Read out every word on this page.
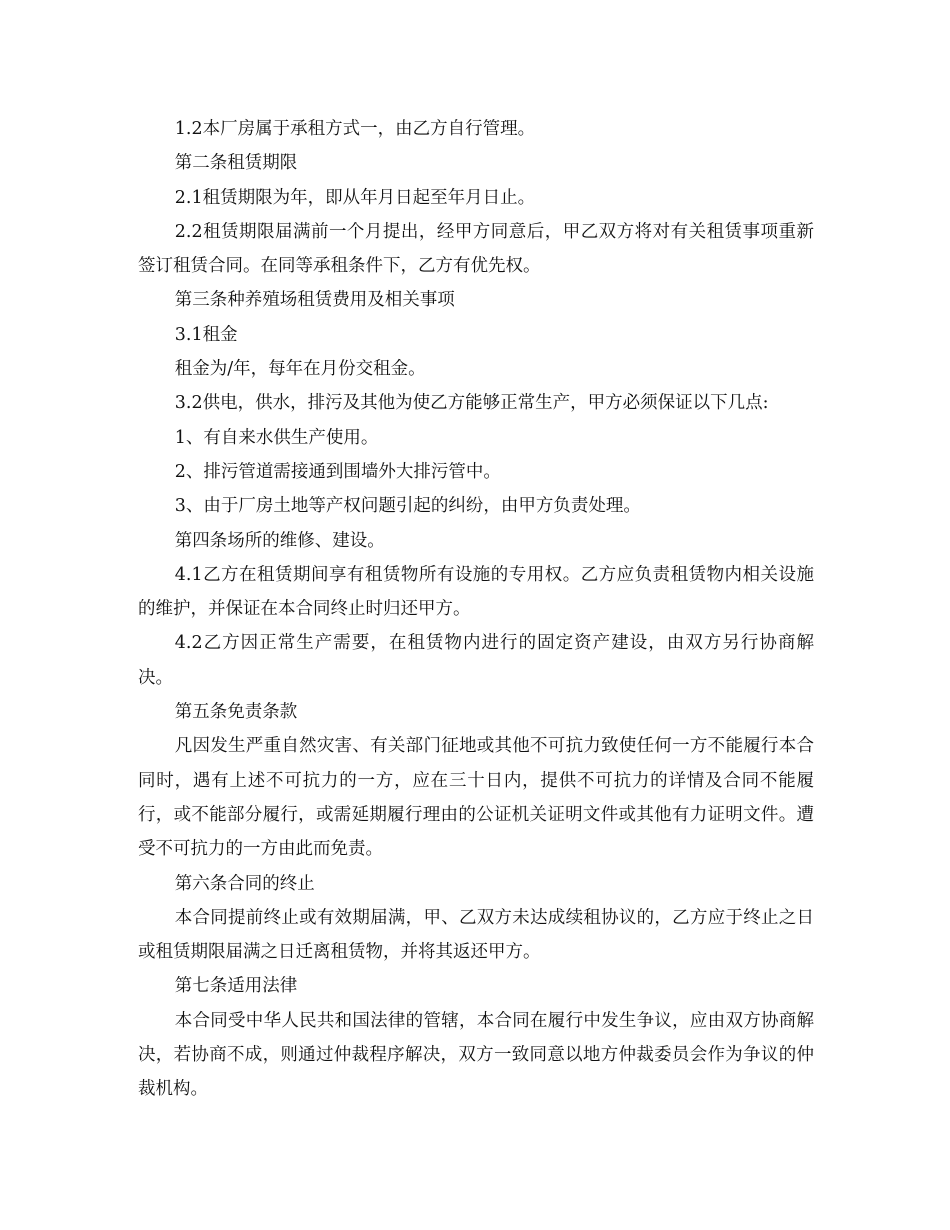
1.2本厂房属于承租方式一，由乙方自行管理。

第二条租赁期限

2.1租赁期限为年，即从年月日起至年月日止。

2.2租赁期限届满前一个月提出，经甲方同意后，甲乙双方将对有关租赁事项重新签订租赁合同。在同等承租条件下，乙方有优先权。

第三条种养殖场租赁费用及相关事项

3.1租金

租金为/年，每年在月份交租金。

3.2供电，供水，排污及其他为使乙方能够正常生产，甲方必须保证以下几点:

1、有自来水供生产使用。

2、排污管道需接通到围墙外大排污管中。

3、由于厂房土地等产权问题引起的纠纷，由甲方负责处理。

第四条场所的维修、建设。

4.1乙方在租赁期间享有租赁物所有设施的专用权。乙方应负责租赁物内相关设施的维护，并保证在本合同终止时归还甲方。

4.2乙方因正常生产需要，在租赁物内进行的固定资产建设，由双方另行协商解决。

第五条免责条款

凡因发生严重自然灾害、有关部门征地或其他不可抗力致使任何一方不能履行本合同时，遇有上述不可抗力的一方，应在三十日内，提供不可抗力的详情及合同不能履行，或不能部分履行，或需延期履行理由的公证机关证明文件或其他有力证明文件。遭受不可抗力的一方由此而免责。

第六条合同的终止

本合同提前终止或有效期届满，甲、乙双方未达成续租协议的，乙方应于终止之日或租赁期限届满之日迁离租赁物，并将其返还甲方。

第七条适用法律

本合同受中华人民共和国法律的管辖，本合同在履行中发生争议，应由双方协商解决，若协商不成，则通过仲裁程序解决，双方一致同意以地方仲裁委员会作为争议的仲裁机构。
